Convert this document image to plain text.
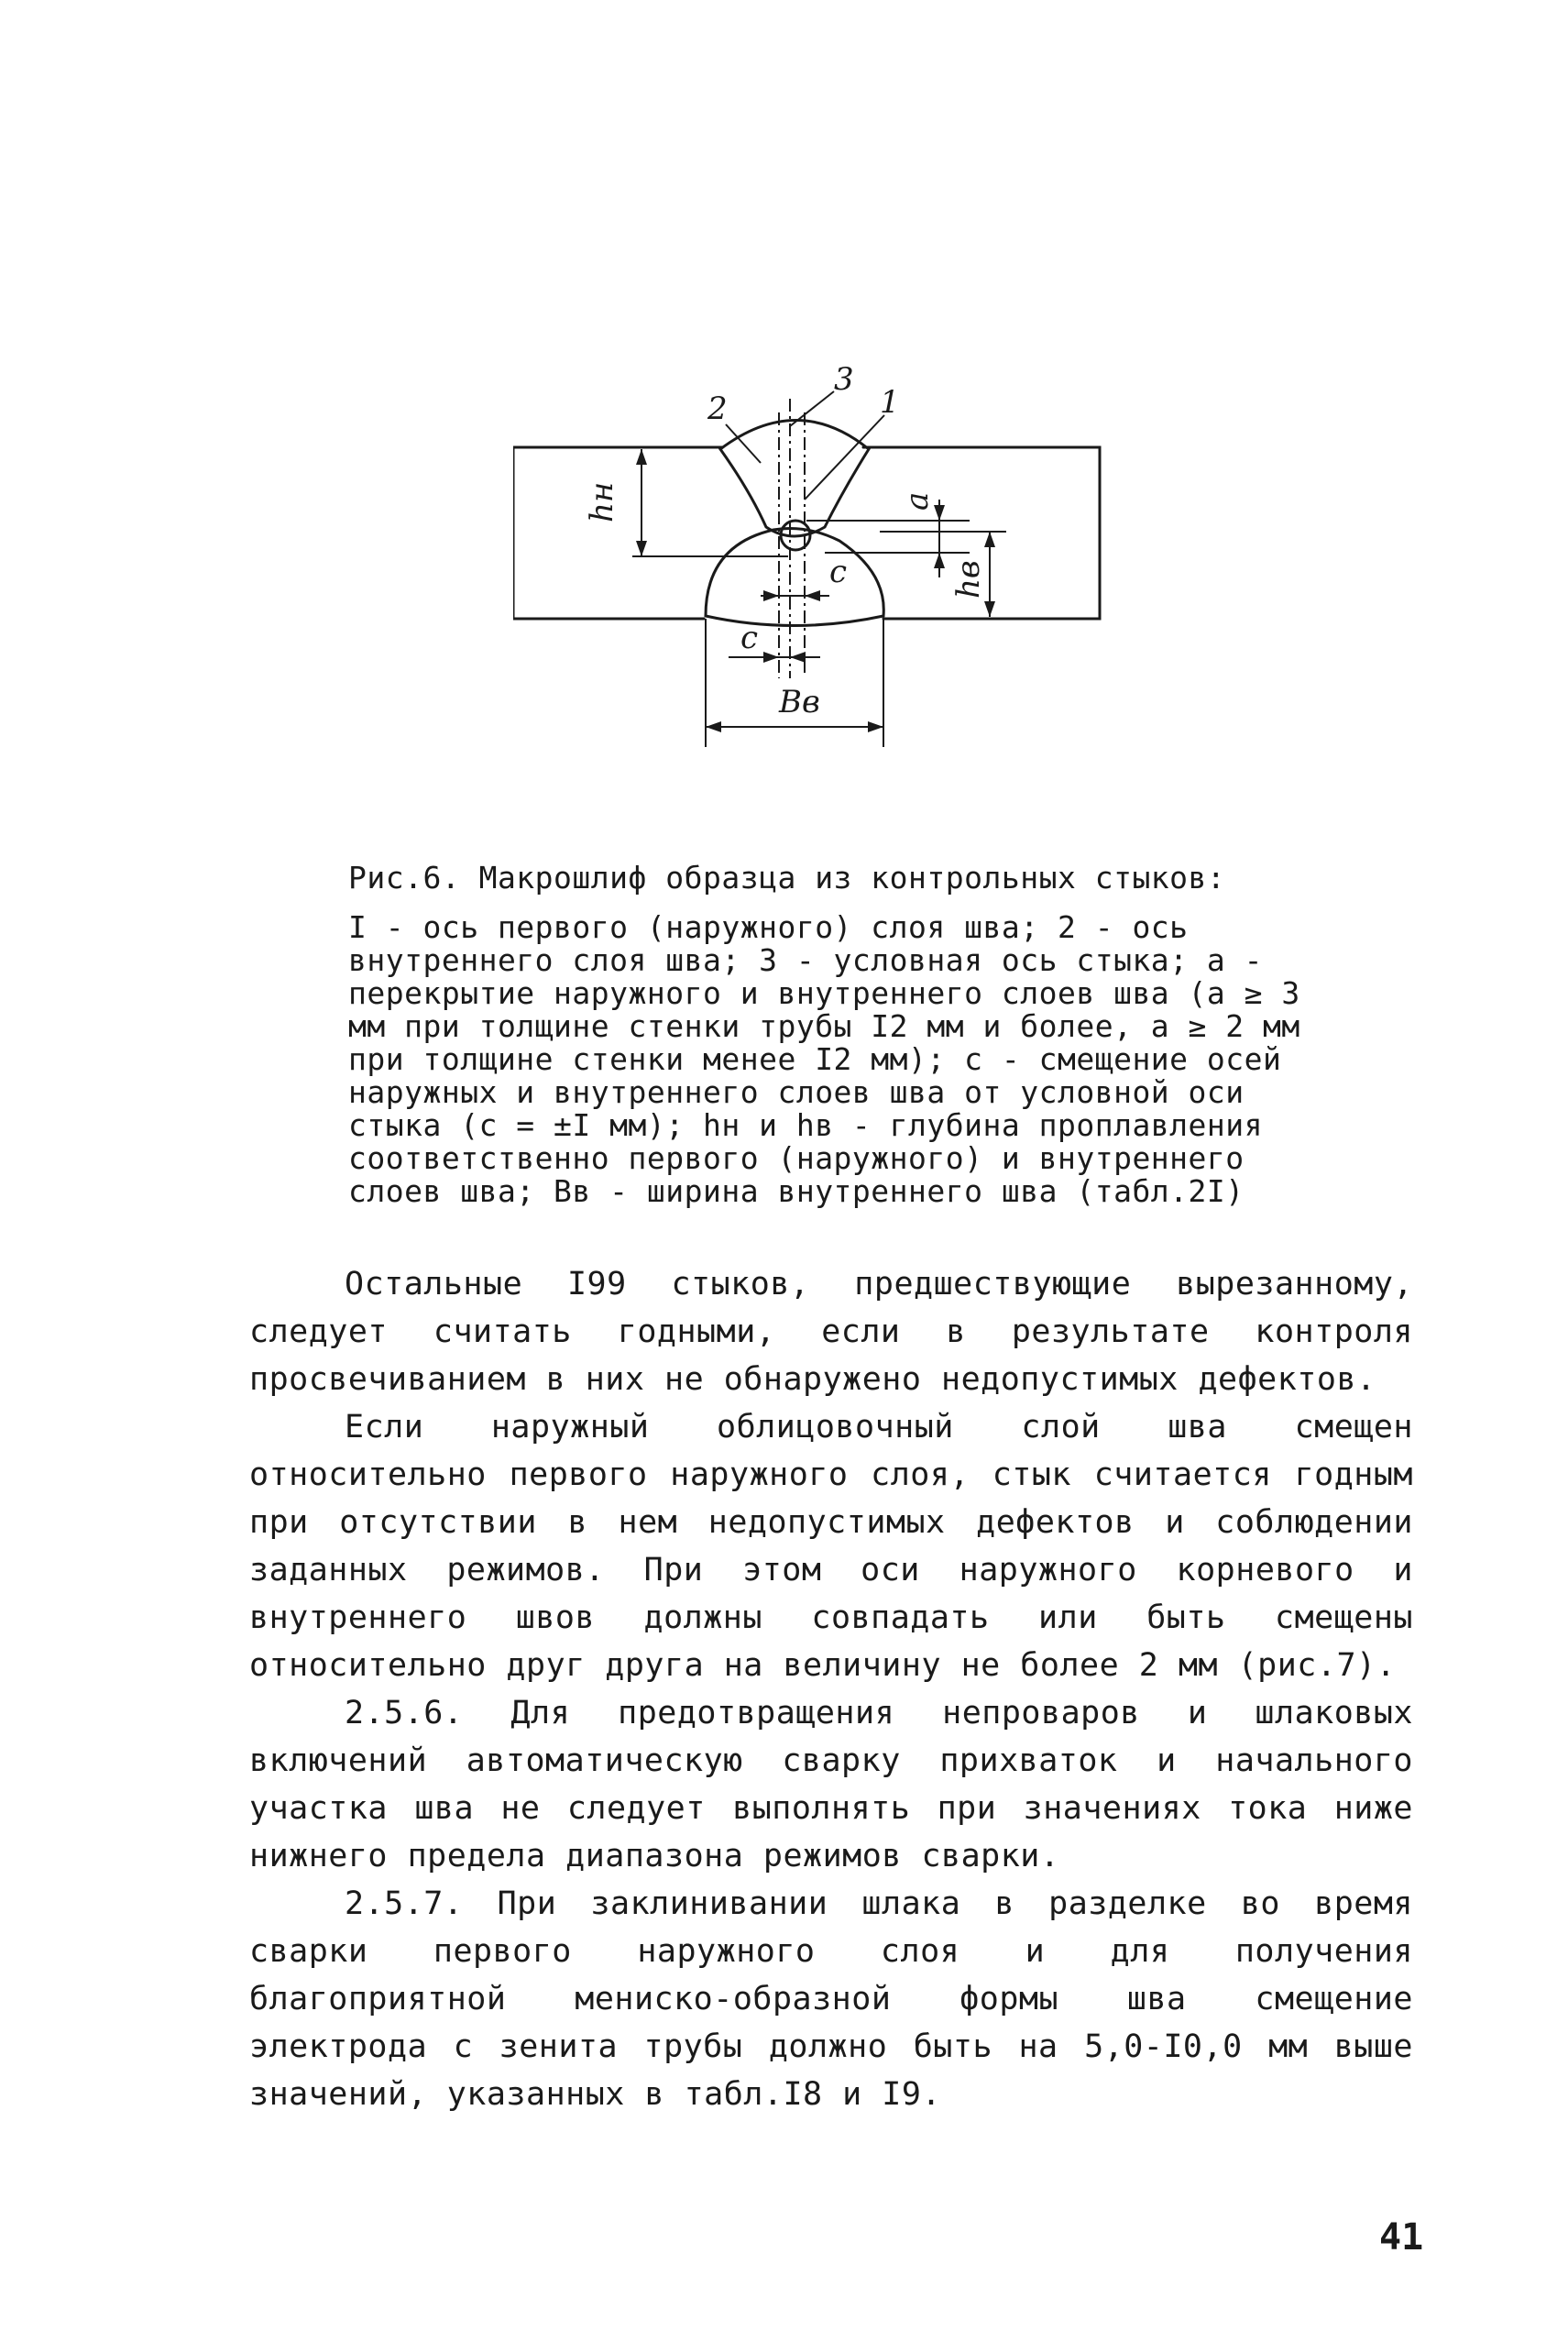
2
3
1
hн	a
hв
c
c
Bв

Рис.6. Макрошлиф образца из контрольных стыков:

I - ось первого (наружного) слоя шва; 2 - ось внутреннего слоя шва; 3 - условная ось стыка; a - перекрытие наружного и внутреннего слоев шва (a ≥ 3 мм при толщине стенки трубы I2 мм и более, a ≥ 2 мм при толщине стенки менее I2 мм); c - смещение осей наружных и внутреннего слоев шва от условной оси стыка (c = ±I мм); hн и hв - глубина проплавления соответственно первого (наружного) и внутреннего слоев шва; Bв - ширина внутреннего шва (табл.2I)

Остальные I99 стыков, предшествующие вырезанному, следует считать годными, если в результате контроля просвечиванием в них не обнаружено недопустимых дефектов.

Если наружный облицовочный слой шва смещен относительно первого наружного слоя, стык считается годным при отсутствии в нем недопустимых дефектов и соблюдении заданных режимов. При этом оси наружного корневого и внутреннего швов должны совпадать или быть смещены относительно друг друга на величину не более 2 мм (рис.7).

2.5.6. Для предотвращения непроваров и шлаковых включений автоматическую сварку прихваток и начального участка шва не следует выполнять при значениях тока ниже нижнего предела диапазона режимов сварки.

2.5.7. При заклинивании шлака в разделке во время сварки первого наружного слоя и для получения благоприятной мениско-образной формы шва смещение электрода с зенита трубы должно быть на 5,0-I0,0 мм выше значений, указанных в табл.I8 и I9.

41
